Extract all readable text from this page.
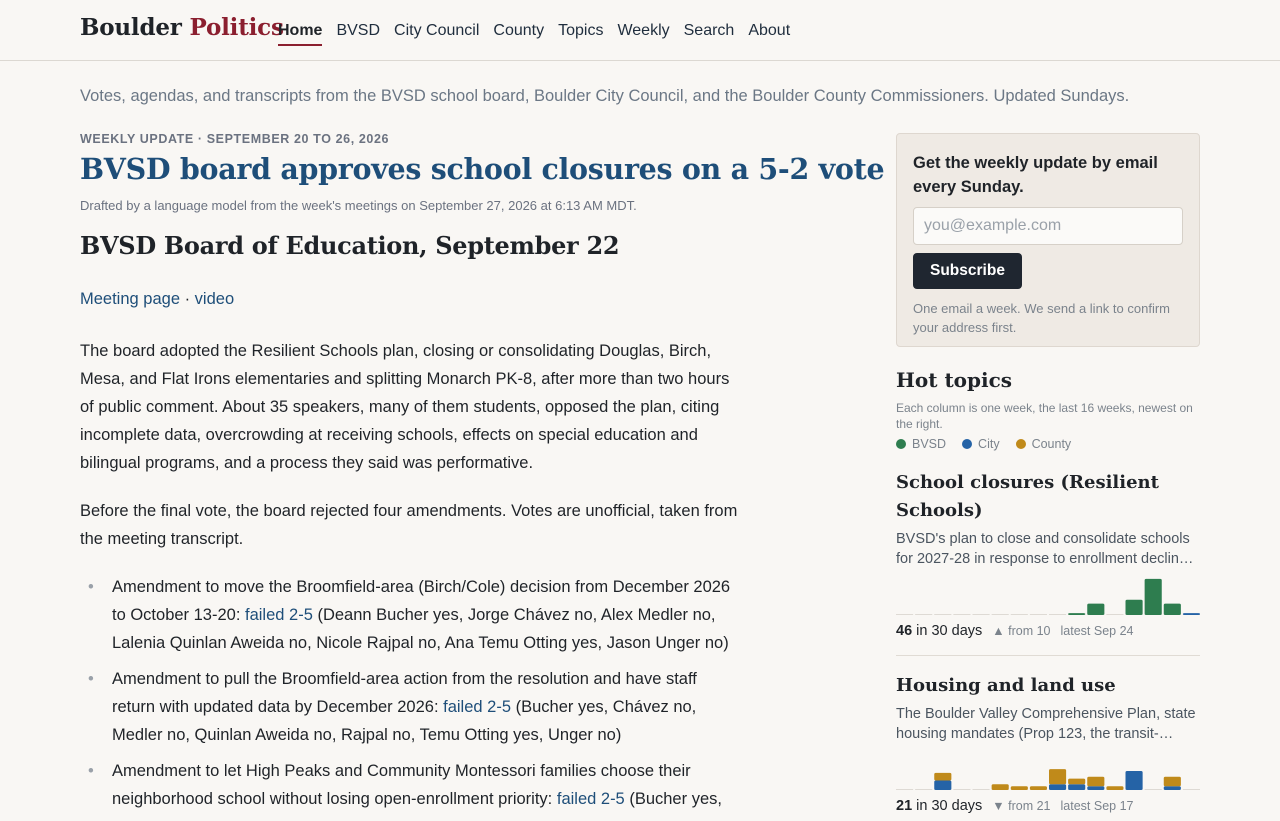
Boulder Politics
Home BVSD City Council County Topics Weekly Search About

Votes, agendas, and transcripts from the BVSD school board, Boulder City Council, and the Boulder County Commissioners. Updated Sundays.

WEEKLY UPDATE · SEPTEMBER 20 TO 26, 2026
BVSD board approves school closures on a 5-2 vote

Drafted by a language model from the week's meetings on September 27, 2026 at 6:13 AM MDT.

BVSD Board of Education, September 22

Meeting page · video

The board adopted the Resilient Schools plan, closing or consolidating Douglas, Birch, Mesa, and Flat Irons elementaries and splitting Monarch PK-8, after more than two hours of public comment. About 35 speakers, many of them students, opposed the plan, citing incomplete data, overcrowding at receiving schools, effects on special education and bilingual programs, and a process they said was performative.

Before the final vote, the board rejected four amendments. Votes are unofficial, taken from the meeting transcript.

• Amendment to move the Broomfield-area (Birch/Cole) decision from December 2026 to October 13-20: failed 2-5 (Deann Bucher yes, Jorge Chávez no, Alex Medler no, Lalenia Quinlan Aweida no, Nicole Rajpal no, Ana Temu Otting yes, Jason Unger no)
• Amendment to pull the Broomfield-area action from the resolution and have staff return with updated data by December 2026: failed 2-5 (Bucher yes, Chávez no, Medler no, Quinlan Aweida no, Rajpal no, Temu Otting yes, Unger no)
• Amendment to let High Peaks and Community Montessori families choose their neighborhood school without losing open-enrollment priority: failed 2-5 (Bucher yes,
Get the weekly update by email every Sunday.
you@example.com Subscribe

One email a week. We send a link to confirm your address first.

Hot topics

Each column is one week, the last 16 weeks, newest on the right.

BVSD	City	County
School closures (Resilient Schools)

BVSD's plan to close and consolidate schools for 2027-28 in response to enrollment declin…

46 in 30 days ▲ from 10 latest Sep 24
Housing and land use

The Boulder Valley Comprehensive Plan, state housing mandates (Prop 123, the transit-…

21 in 30 days ▼ from 21 latest Sep 17
